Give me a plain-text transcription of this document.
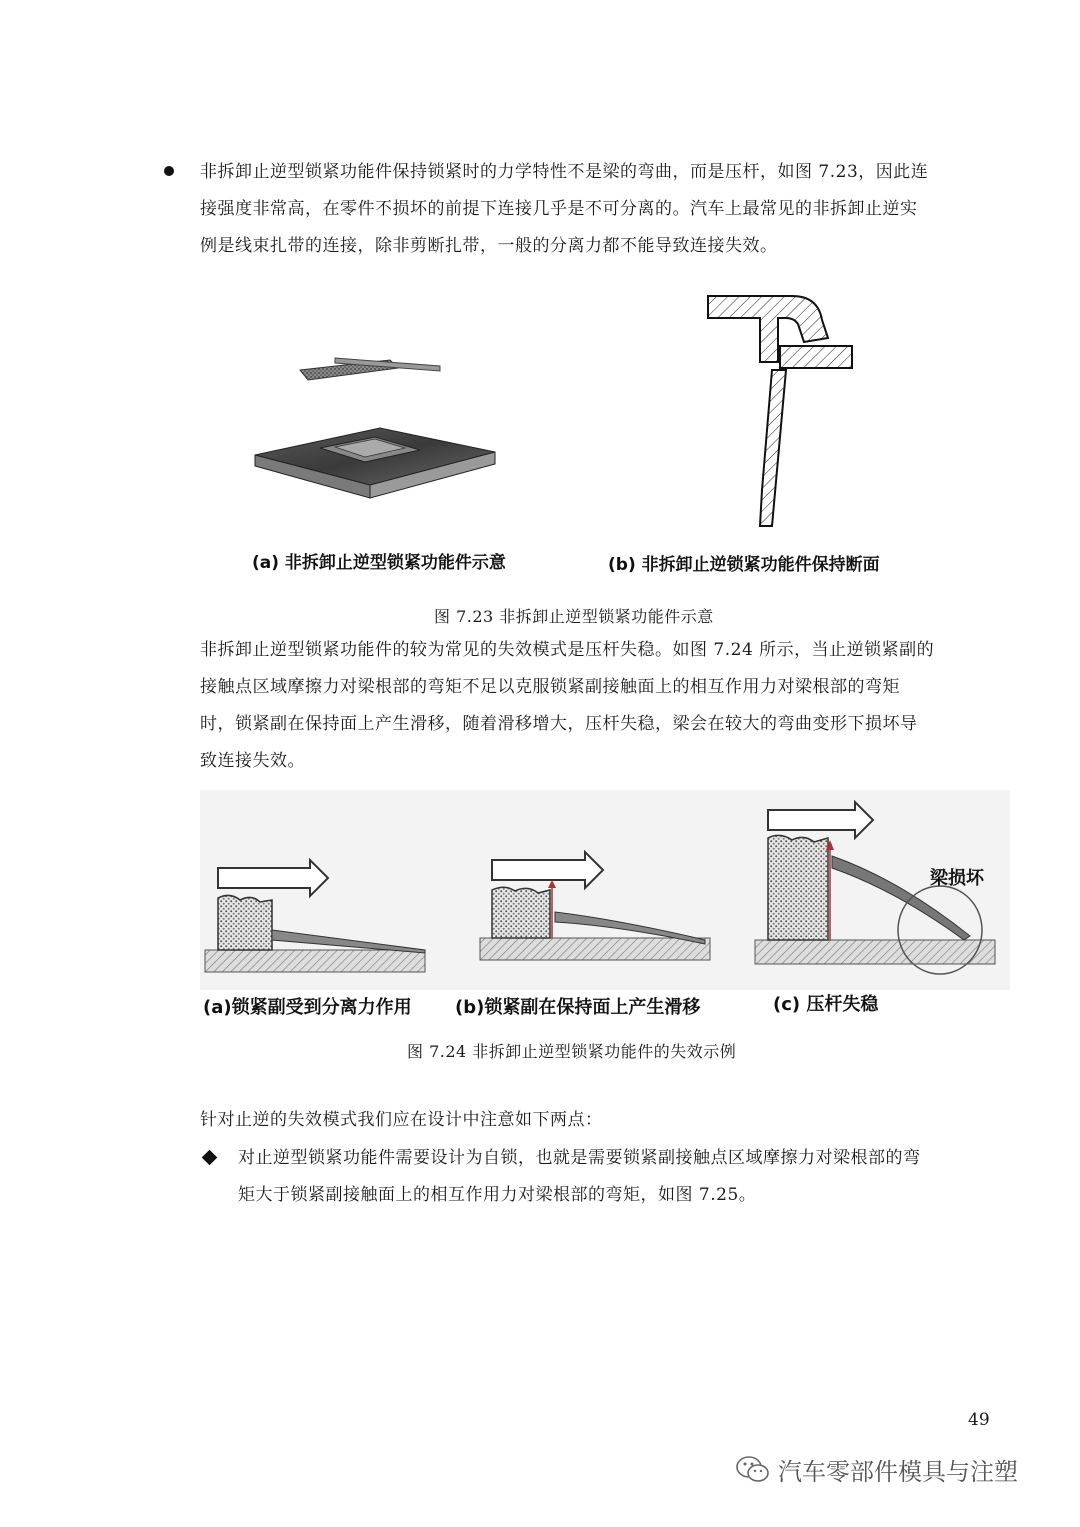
非拆卸止逆型锁紧功能件保持锁紧时的力学特性不是梁的弯曲，而是压杆，如图 7.23，因此连
接强度非常高，在零件不损坏的前提下连接几乎是不可分离的。汽车上最常见的非拆卸止逆实
例是线束扎带的连接，除非剪断扎带，一般的分离力都不能导致连接失效。
(a) 非拆卸止逆型锁紧功能件示意	(b) 非拆卸止逆锁紧功能件保持断面
图 7.23 非拆卸止逆型锁紧功能件示意
非拆卸止逆型锁紧功能件的较为常见的失效模式是压杆失稳。如图 7.24 所示，当止逆锁紧副的
接触点区域摩擦力对梁根部的弯矩不足以克服锁紧副接触面上的相互作用力对梁根部的弯矩
时，锁紧副在保持面上产生滑移，随着滑移增大，压杆失稳，梁会在较大的弯曲变形下损坏导
致连接失效。
梁损坏
(a)锁紧副受到分离力作用 (b)锁紧副在保持面上产生滑移	(c) 压杆失稳
图 7.24 非拆卸止逆型锁紧功能件的失效示例
针对止逆的失效模式我们应在设计中注意如下两点：
对止逆型锁紧功能件需要设计为自锁，也就是需要锁紧副接触点区域摩擦力对梁根部的弯
矩大于锁紧副接触面上的相互作用力对梁根部的弯矩，如图 7.25。
49
汽车零部件模具与注塑
